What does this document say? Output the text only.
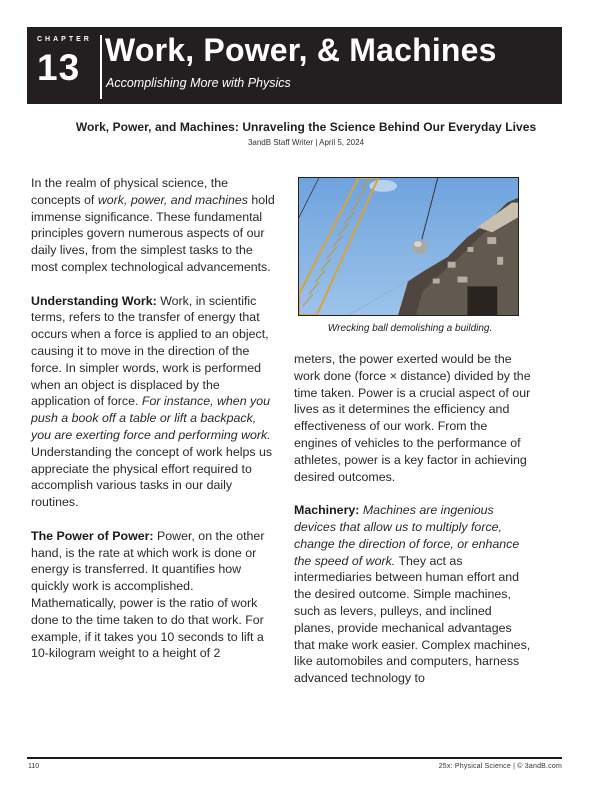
CHAPTER
13 Work, Power, & Machines
Accomplishing More with Physics
Work, Power, and Machines: Unraveling the Science Behind Our Everyday Lives
3andB Staff Writer | April 5, 2024

In the realm of physical science, the concepts of work, power, and machines hold immense significance. These fundamental principles govern numerous aspects of our daily lives, from the simplest tasks to the most complex technological advancements.

Understanding Work: Work, in scientific terms, refers to the transfer of energy that occurs when a force is applied to an object, causing it to move in the direction of the force. In simpler words, work is performed when an object is displaced by the application of force. For instance, when you push a book off a table or lift a backpack, you are exerting force and performing work. Understanding the concept of work helps us appreciate the physical effort required to accomplish various tasks in our daily routines.

The Power of Power: Power, on the other hand, is the rate at which work is done or energy is transferred. It quantifies how quickly work is accomplished. Mathematically, power is the ratio of work done to the time taken to do that work. For example, if it takes you 10 seconds to lift a 10-kilogram weight to a height of 2

Wrecking ball demolishing a building.

meters, the power exerted would be the work done (force × distance) divided by the time taken. Power is a crucial aspect of our lives as it determines the efficiency and effectiveness of our work. From the engines of vehicles to the performance of athletes, power is a key factor in achieving desired outcomes.

Machinery: Machines are ingenious devices that allow us to multiply force, change the direction of force, or enhance the speed of work. They act as intermediaries between human effort and the desired outcome. Simple machines, such as levers, pulleys, and inclined planes, provide mechanical advantages that make work easier. Complex machines, like automobiles and computers, harness advanced technology to

110	25x: Physical Science | © 3andB.com
